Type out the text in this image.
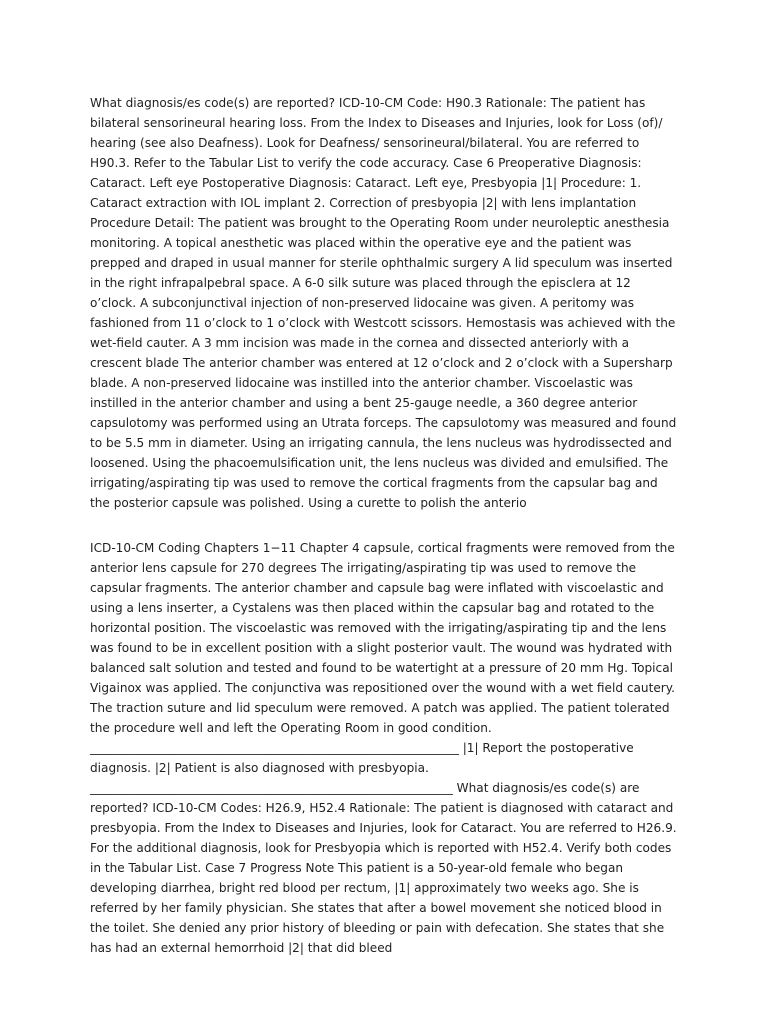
What diagnosis/es code(s) are reported? ICD-10-CM Code: H90.3 Rationale: The patient has bilateral sensorineural hearing loss. From the Index to Diseases and Injuries, look for Loss (of)/ hearing (see also Deafness). Look for Deafness/ sensorineural/bilateral. You are referred to H90.3. Refer to the Tabular List to verify the code accuracy. Case 6 Preoperative Diagnosis: Cataract. Left eye Postoperative Diagnosis: Cataract. Left eye, Presbyopia |1| Procedure: 1. Cataract extraction with IOL implant 2. Correction of presbyopia |2| with lens implantation Procedure Detail: The patient was brought to the Operating Room under neuroleptic anesthesia monitoring. A topical anesthetic was placed within the operative eye and the patient was prepped and draped in usual manner for sterile ophthalmic surgery A lid speculum was inserted in the right infrapalpebral space. A 6-0 silk suture was placed through the episclera at 12 o’clock. A subconjunctival injection of non-preserved lidocaine was given. A peritomy was fashioned from 11 o’clock to 1 o’clock with Westcott scissors. Hemostasis was achieved with the wet-field cauter. A 3 mm incision was made in the cornea and dissected anteriorly with a crescent blade The anterior chamber was entered at 12 o’clock and 2 o’clock with a Supersharp blade. A non-preserved lidocaine was instilled into the anterior chamber. Viscoelastic was instilled in the anterior chamber and using a bent 25-gauge needle, a 360 degree anterior capsulotomy was performed using an Utrata forceps. The capsulotomy was measured and found to be 5.5 mm in diameter. Using an irrigating cannula, the lens nucleus was hydrodissected and loosened. Using the phacoemulsification unit, the lens nucleus was divided and emulsified. The irrigating/aspirating tip was used to remove the cortical fragments from the capsular bag and the posterior capsule was polished. Using a curette to polish the anterio

ICD-10-CM Coding Chapters 1−11 Chapter 4 capsule, cortical fragments were removed from the anterior lens capsule for 270 degrees The irrigating/aspirating tip was used to remove the capsular fragments. The anterior chamber and capsule bag were inflated with viscoelastic and using a lens inserter, a Cystalens was then placed within the capsular bag and rotated to the horizontal position. The viscoelastic was removed with the irrigating/aspirating tip and the lens was found to be in excellent position with a slight posterior vault. The wound was hydrated with balanced salt solution and tested and found to be watertight at a pressure of 20 mm Hg. Topical Vigainox was applied. The conjunctiva was repositioned over the wound with a wet field cautery. The traction suture and lid speculum were removed. A patch was applied. The patient tolerated the procedure well and left the Operating Room in good condition. _____________________________________________________________ |1| Report the postoperative diagnosis. |2| Patient is also diagnosed with presbyopia. ____________________________________________________________ What diagnosis/es code(s) are reported? ICD-10-CM Codes: H26.9, H52.4 Rationale: The patient is diagnosed with cataract and presbyopia. From the Index to Diseases and Injuries, look for Cataract. You are referred to H26.9. For the additional diagnosis, look for Presbyopia which is reported with H52.4. Verify both codes in the Tabular List. Case 7 Progress Note This patient is a 50-year-old female who began developing diarrhea, bright red blood per rectum, |1| approximately two weeks ago. She is referred by her family physician. She states that after a bowel movement she noticed blood in the toilet. She denied any prior history of bleeding or pain with defecation. She states that she has had an external hemorrhoid |2| that did bleed
